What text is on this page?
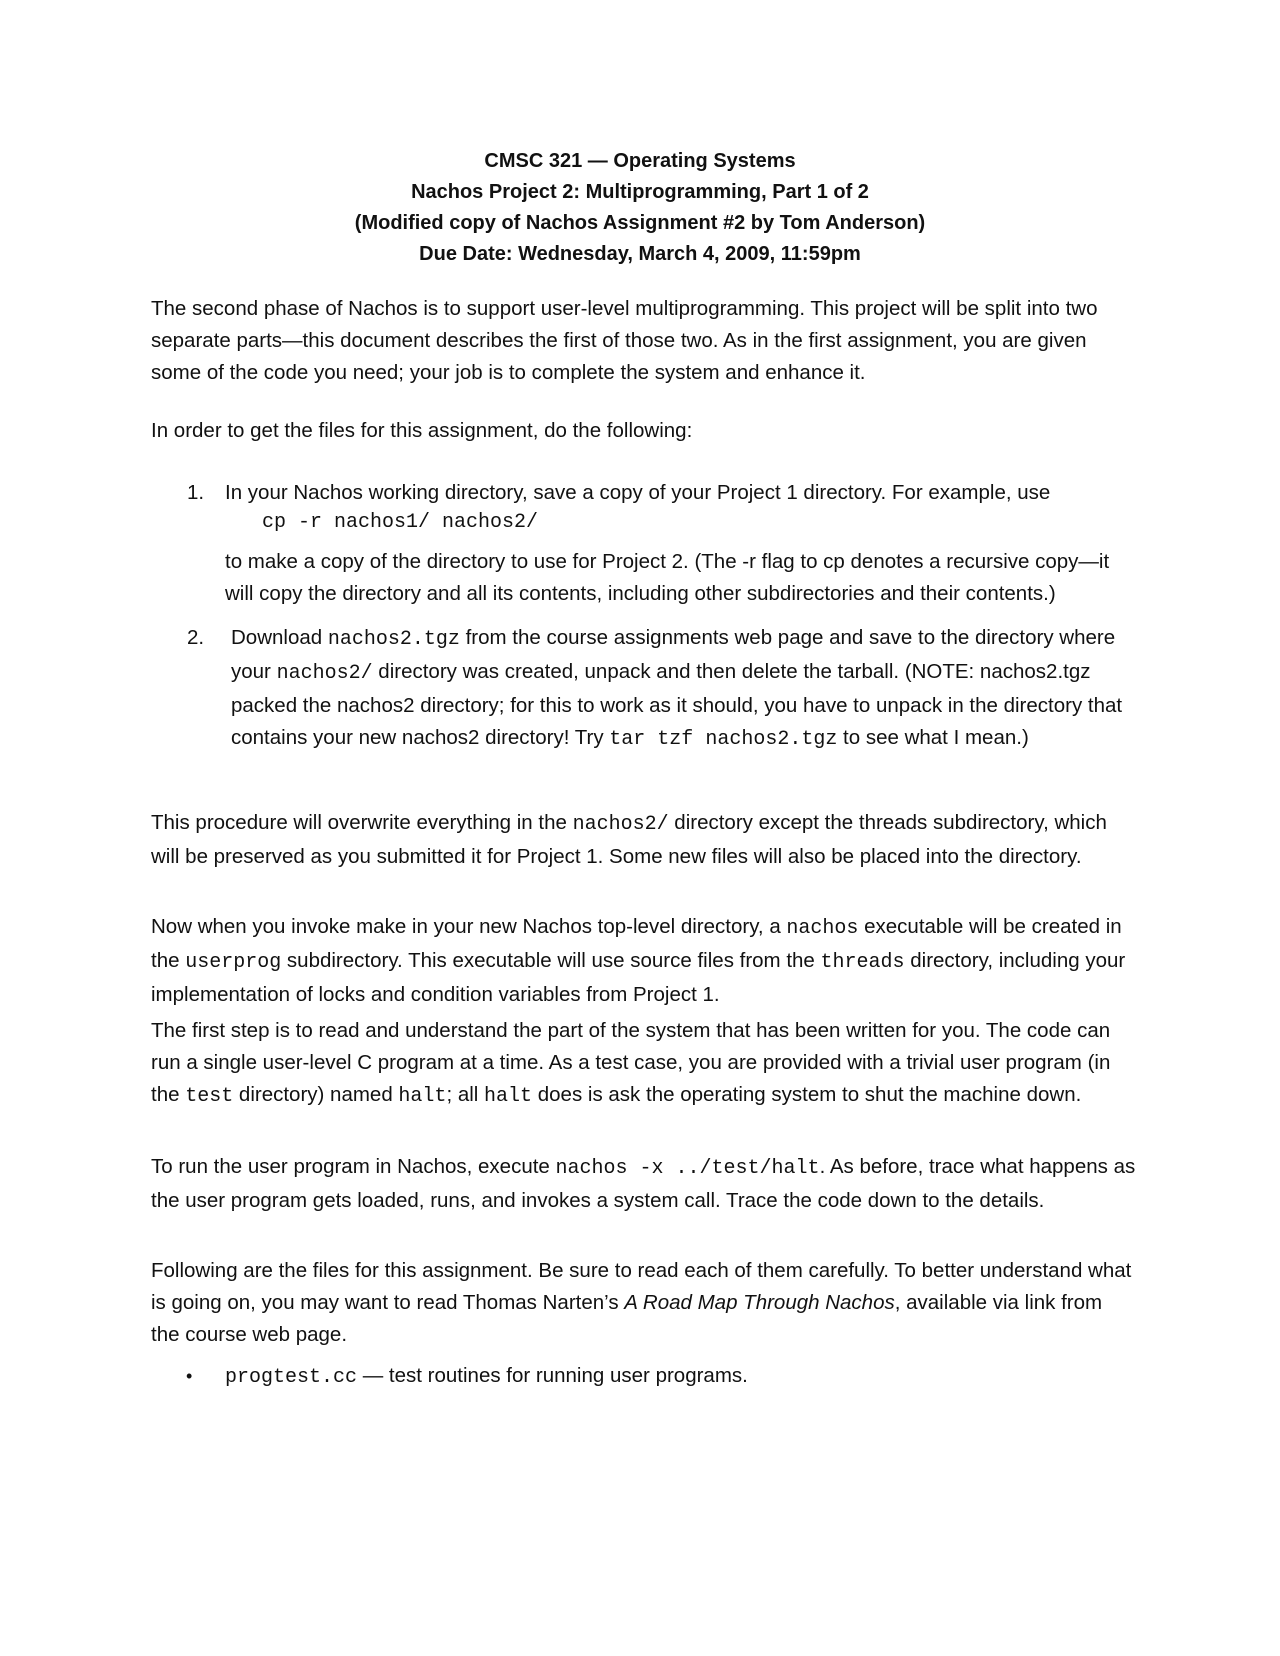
CMSC 321 — Operating Systems
Nachos Project 2: Multiprogramming, Part 1 of 2
(Modified copy of Nachos Assignment #2 by Tom Anderson)
Due Date: Wednesday, March 4, 2009, 11:59pm
The second phase of Nachos is to support user-level multiprogramming. This project will be split into two separate parts—this document describes the first of those two. As in the first assignment, you are given some of the code you need; your job is to complete the system and enhance it.
In order to get the files for this assignment, do the following:
1. In your Nachos working directory, save a copy of your Project 1 directory. For example, use
cp -r nachos1/ nachos2/
to make a copy of the directory to use for Project 2. (The -r flag to cp denotes a recursive copy—it will copy the directory and all its contents, including other subdirectories and their contents.)
2. Download nachos2.tgz from the course assignments web page and save to the directory where your nachos2/ directory was created, unpack and then delete the tarball. (NOTE: nachos2.tgz packed the nachos2 directory; for this to work as it should, you have to unpack in the directory that contains your new nachos2 directory! Try tar tzf nachos2.tgz to see what I mean.)
This procedure will overwrite everything in the nachos2/ directory except the threads subdirectory, which will be preserved as you submitted it for Project 1. Some new files will also be placed into the directory.
Now when you invoke make in your new Nachos top-level directory, a nachos executable will be created in the userprog subdirectory. This executable will use source files from the threads directory, including your implementation of locks and condition variables from Project 1.
The first step is to read and understand the part of the system that has been written for you. The code can run a single user-level C program at a time. As a test case, you are provided with a trivial user program (in the test directory) named halt; all halt does is ask the operating system to shut the machine down.
To run the user program in Nachos, execute nachos -x ../test/halt. As before, trace what happens as the user program gets loaded, runs, and invokes a system call. Trace the code down to the details.
Following are the files for this assignment. Be sure to read each of them carefully. To better understand what is going on, you may want to read Thomas Narten’s A Road Map Through Nachos, available via link from the course web page.
• progtest.cc — test routines for running user programs.
